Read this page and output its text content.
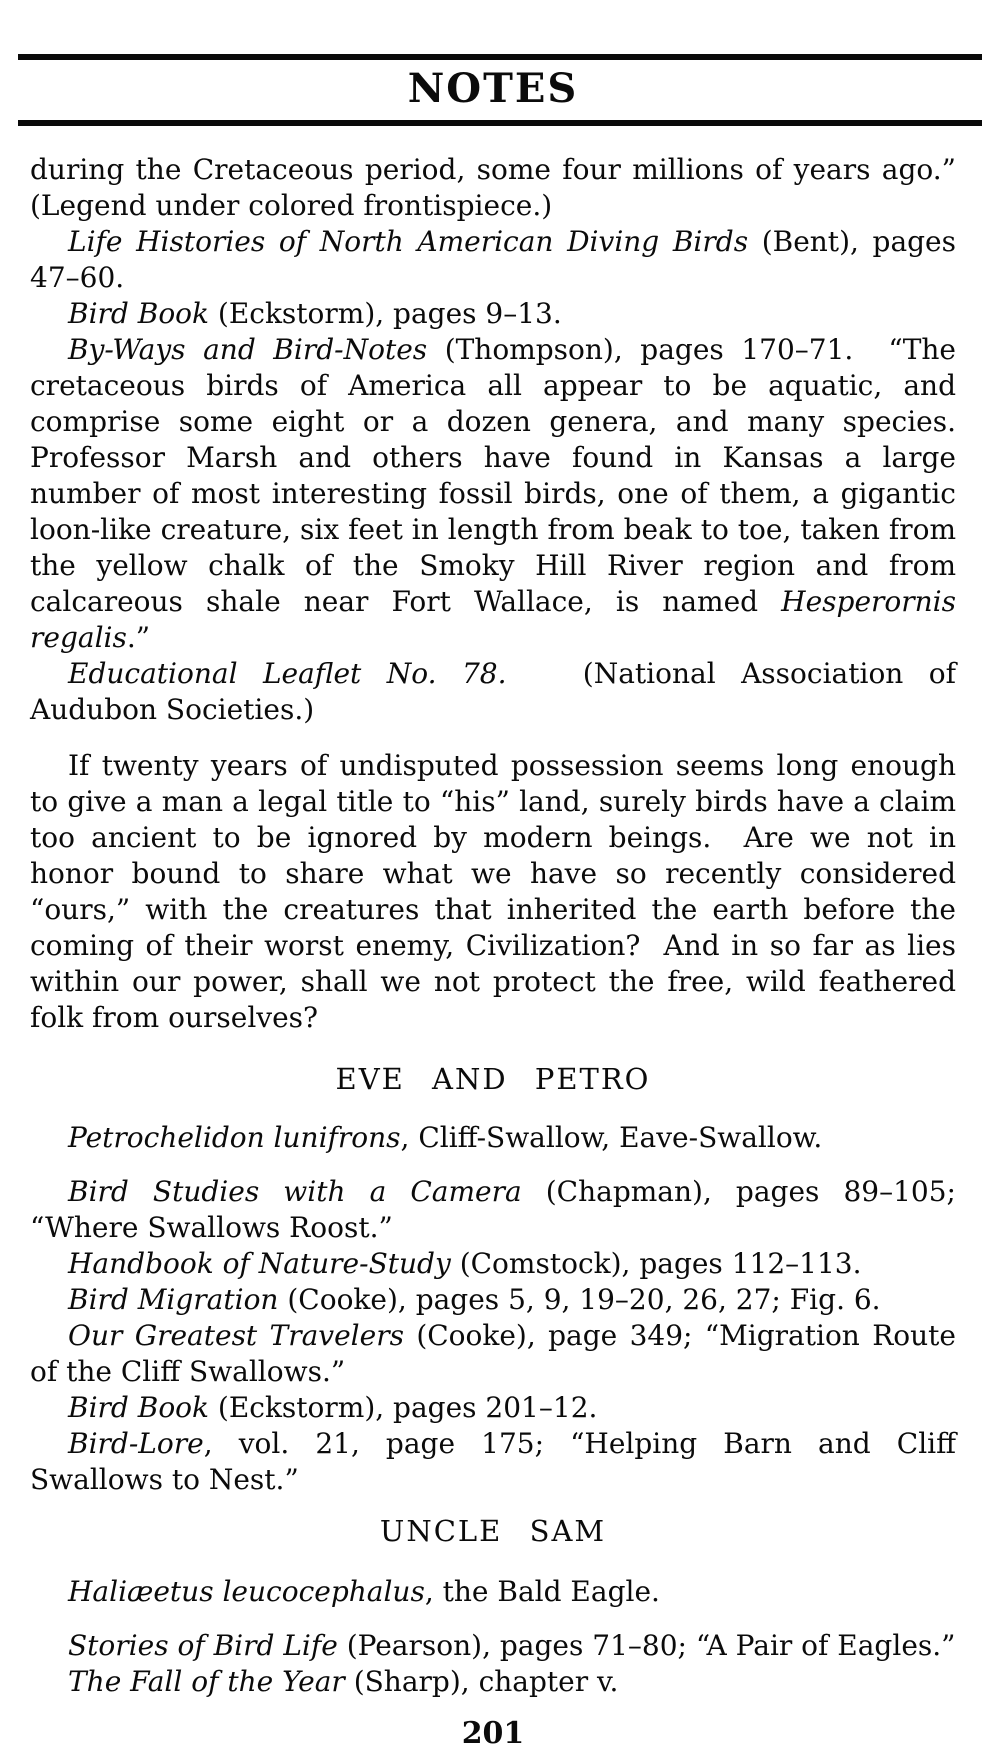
NOTES

during the Cretaceous period, some four millions of years ago.” (Legend under colored frontispiece.)

Life Histories of North American Diving Birds (Bent), pages 47–60.

Bird Book (Eckstorm), pages 9–13.

By-Ways and Bird-Notes (Thompson), pages 170–71.  “The cretaceous birds of America all appear to be aquatic, and comprise some eight or a dozen genera, and many species.  Professor Marsh and others have found in Kansas a large number of most interesting fossil birds, one of them, a gigantic loon-like creature, six feet in length from beak to toe, taken from the yellow chalk of the Smoky Hill River region and from calcareous shale near Fort Wallace, is named Hesperornis regalis.”

Educational Leaflet No. 78.   (National Association of Audubon Societies.)

If twenty years of undisputed possession seems long enough to give a man a legal title to “his” land, surely birds have a claim too ancient to be ignored by modern beings.  Are we not in honor bound to share what we have so recently considered “ours,” with the creatures that inherited the earth before the coming of their worst enemy, Civilization?  And in so far as lies within our power, shall we not protect the free, wild feathered folk from ourselves?

EVE AND PETRO

Petrochelidon lunifrons, Cliff-Swallow, Eave-Swallow.

Bird Studies with a Camera (Chapman), pages 89–105; “Where Swallows Roost.”

Handbook of Nature-Study (Comstock), pages 112–113.

Bird Migration (Cooke), pages 5, 9, 19–20, 26, 27; Fig. 6.

Our Greatest Travelers (Cooke), page 349; “Migration Route of the Cliff Swallows.”

Bird Book (Eckstorm), pages 201–12.

Bird-Lore, vol. 21, page 175; “Helping Barn and Cliff Swallows to Nest.”

UNCLE SAM

Haliæetus leucocephalus, the Bald Eagle.

Stories of Bird Life (Pearson), pages 71–80; “A Pair of Eagles.”

The Fall of the Year (Sharp), chapter v.

201
